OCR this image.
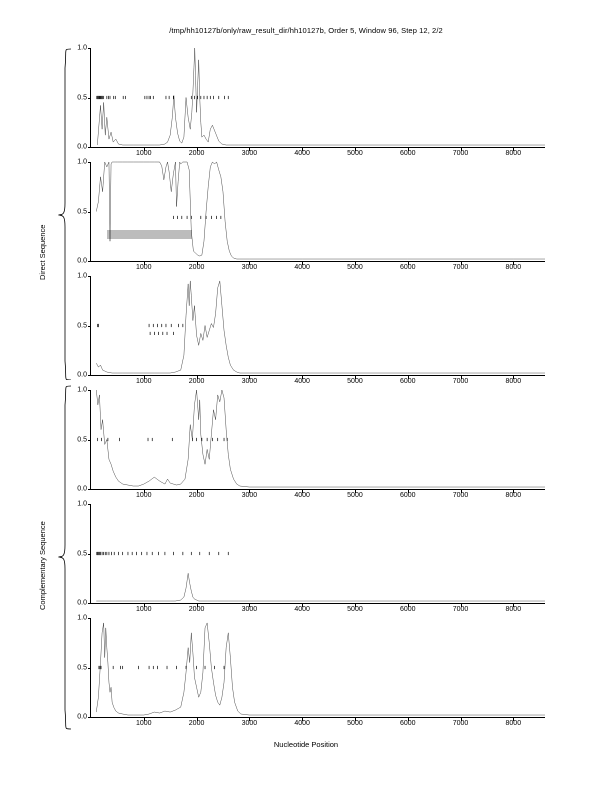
/tmp/hh10127b/only/raw_result_dir/hh10127b, Order 5, Window 96, Step 12, 2/2
Direct Sequence
Complementary Sequence
Nucleotide Position
0.0
0.5
1.0
1000	2000	3000	4000	5000	6000	7000	8000
0.0
0.5
1.0
1000	2000	3000	4000	5000	6000	7000	8000
0.0
0.5
1.0
1000	2000	3000	4000	5000	6000	7000	8000
0.0
0.5
1.0
1000	2000	3000	4000	5000	6000	7000	8000
0.0
0.5
1.0
1000	2000	3000	4000	5000	6000	7000	8000
0.0
0.5
1.0
1000	2000	3000	4000	5000	6000	7000	8000
